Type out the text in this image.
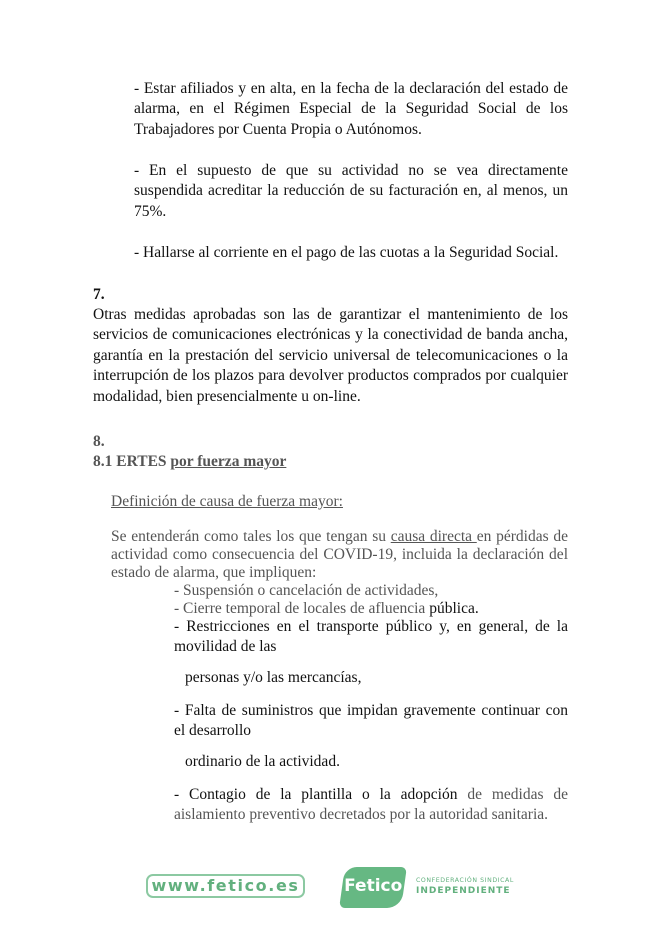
- Estar afiliados y en alta, en la fecha de la declaración del estado de alarma, en el Régimen Especial de la Seguridad Social de los Trabajadores por Cuenta Propia o Autónomos.

- En el supuesto de que su actividad no se vea directamente suspendida acreditar la reducción de su facturación en, al menos, un 75%.

- Hallarse al corriente en el pago de las cuotas a la Seguridad Social.

7.

Otras medidas aprobadas son las de garantizar el mantenimiento de los servicios de comunicaciones electrónicas y la conectividad de banda ancha, garantía en la prestación del servicio universal de telecomunicaciones o la interrupción de los plazos para devolver productos comprados por cualquier modalidad, bien presencialmente u on-line.

8.

8.1 ERTES por fuerza mayor

Definición de causa de fuerza mayor:

Se entenderán como tales los que tengan su causa directa en pérdidas de actividad como consecuencia del COVID-19, incluida la declaración del estado de alarma, que impliquen:

- Suspensión o cancelación de actividades,

- Cierre temporal de locales de afluencia pública.

- Restricciones en el transporte público y, en general, de la movilidad de las

personas y/o las mercancías,

- Falta de suministros que impidan gravemente continuar con el desarrollo

ordinario de la actividad.

- Contagio de la plantilla o la adopción de medidas de aislamiento preventivo decretados por la autoridad sanitaria.

www.fetico.es	Fetico	CONFEDERACIÓN SINDICAL
INDEPENDIENTE
